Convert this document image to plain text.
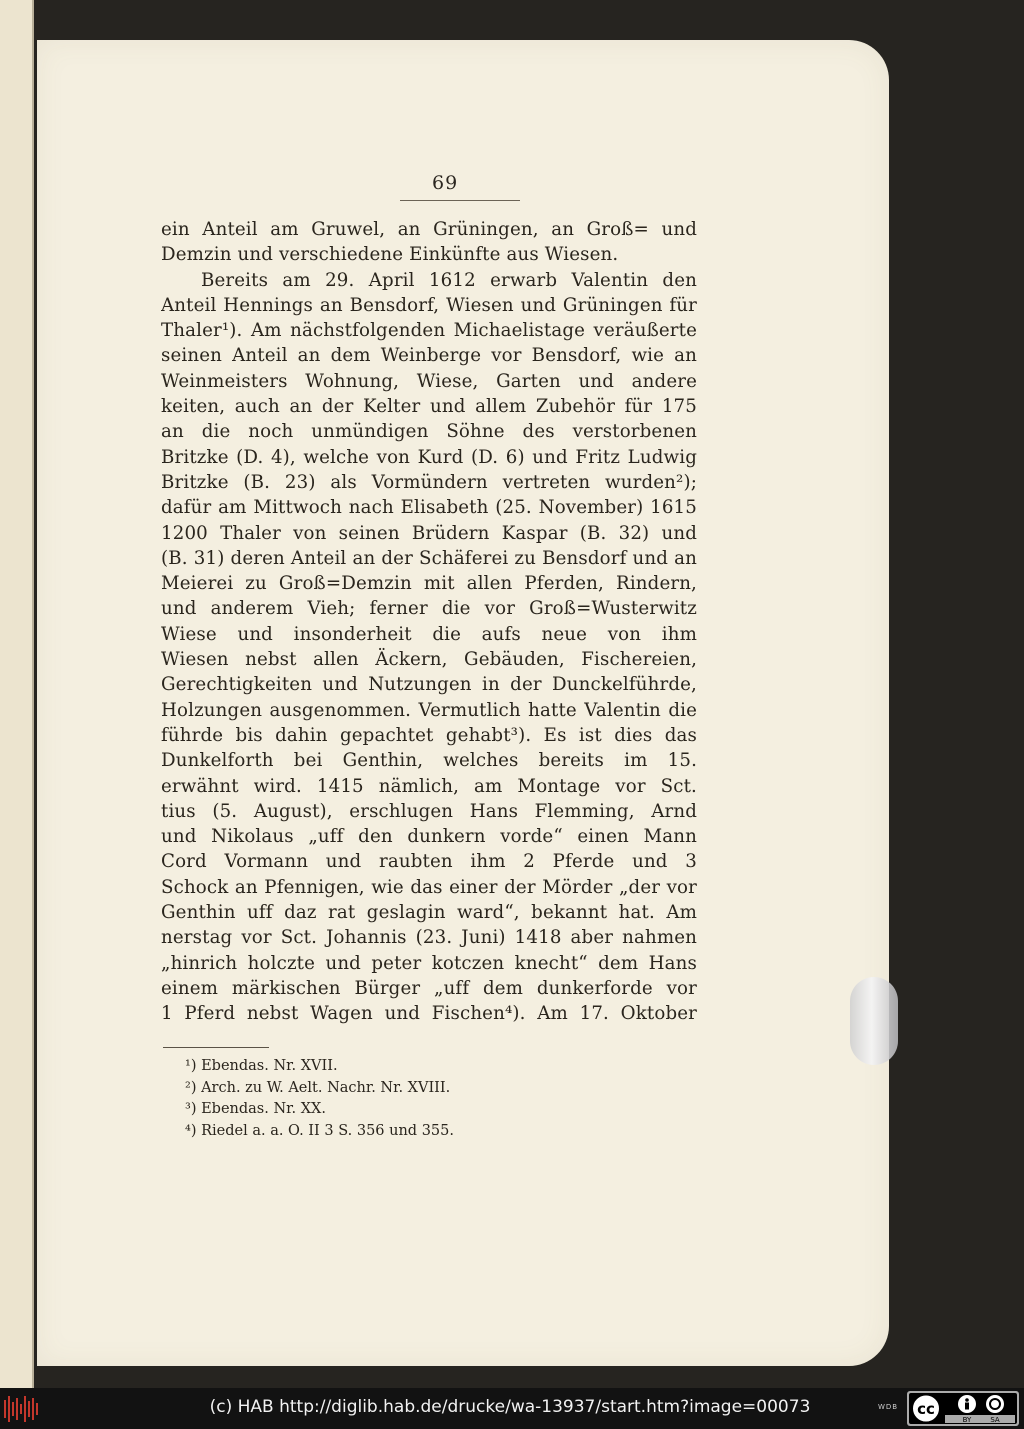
69
ein Anteil am Gruwel, an Grüningen, an Groß= und
Demzin und verschiedene Einkünfte aus Wiesen.
Bereits am 29. April 1612 erwarb Valentin den
Anteil Hennings an Bensdorf, Wiesen und Grüningen für
Thaler¹). Am nächstfolgenden Michaelistage veräußerte
seinen Anteil an dem Weinberge vor Bensdorf, wie an
Weinmeisters Wohnung, Wiese, Garten und andere
keiten, auch an der Kelter und allem Zubehör für 175
an die noch unmündigen Söhne des verstorbenen
Britzke (D. 4), welche von Kurd (D. 6) und Fritz Ludwig
Britzke (B. 23) als Vormündern vertreten wurden²);
dafür am Mittwoch nach Elisabeth (25. November) 1615
1200 Thaler von seinen Brüdern Kaspar (B. 32) und
(B. 31) deren Anteil an der Schäferei zu Bensdorf und an
Meierei zu Groß=Demzin mit allen Pferden, Rindern,
und anderem Vieh; ferner die vor Groß=Wusterwitz
Wiese und insonderheit die aufs neue von ihm
Wiesen nebst allen Äckern, Gebäuden, Fischereien,
Gerechtigkeiten und Nutzungen in der Dunckelführde,
Holzungen ausgenommen. Vermutlich hatte Valentin die
führde bis dahin gepachtet gehabt³). Es ist dies das
Dunkelforth bei Genthin, welches bereits im 15.
erwähnt wird. 1415 nämlich, am Montage vor Sct.
tius (5. August), erschlugen Hans Flemming, Arnd
und Nikolaus „uff den dunkern vorde“ einen Mann
Cord Vormann und raubten ihm 2 Pferde und 3
Schock an Pfennigen, wie das einer der Mörder „der vor
Genthin uff daz rat geslagin ward“, bekannt hat. Am
nerstag vor Sct. Johannis (23. Juni) 1418 aber nahmen
„hinrich holczte und peter kotczen knecht“ dem Hans
einem märkischen Bürger „uff dem dunkerforde vor
1 Pferd nebst Wagen und Fischen⁴). Am 17. Oktober
¹) Ebendas. Nr. XVII.
²) Arch. zu W. Aelt. Nachr. Nr. XVIII.
³) Ebendas. Nr. XX.
⁴) Riedel a. a. O. II 3 S. 356 und 355.
(c) HAB http://diglib.hab.de/drucke/wa-13937/start.htm?image=00073	WDB cc
BY	SA
